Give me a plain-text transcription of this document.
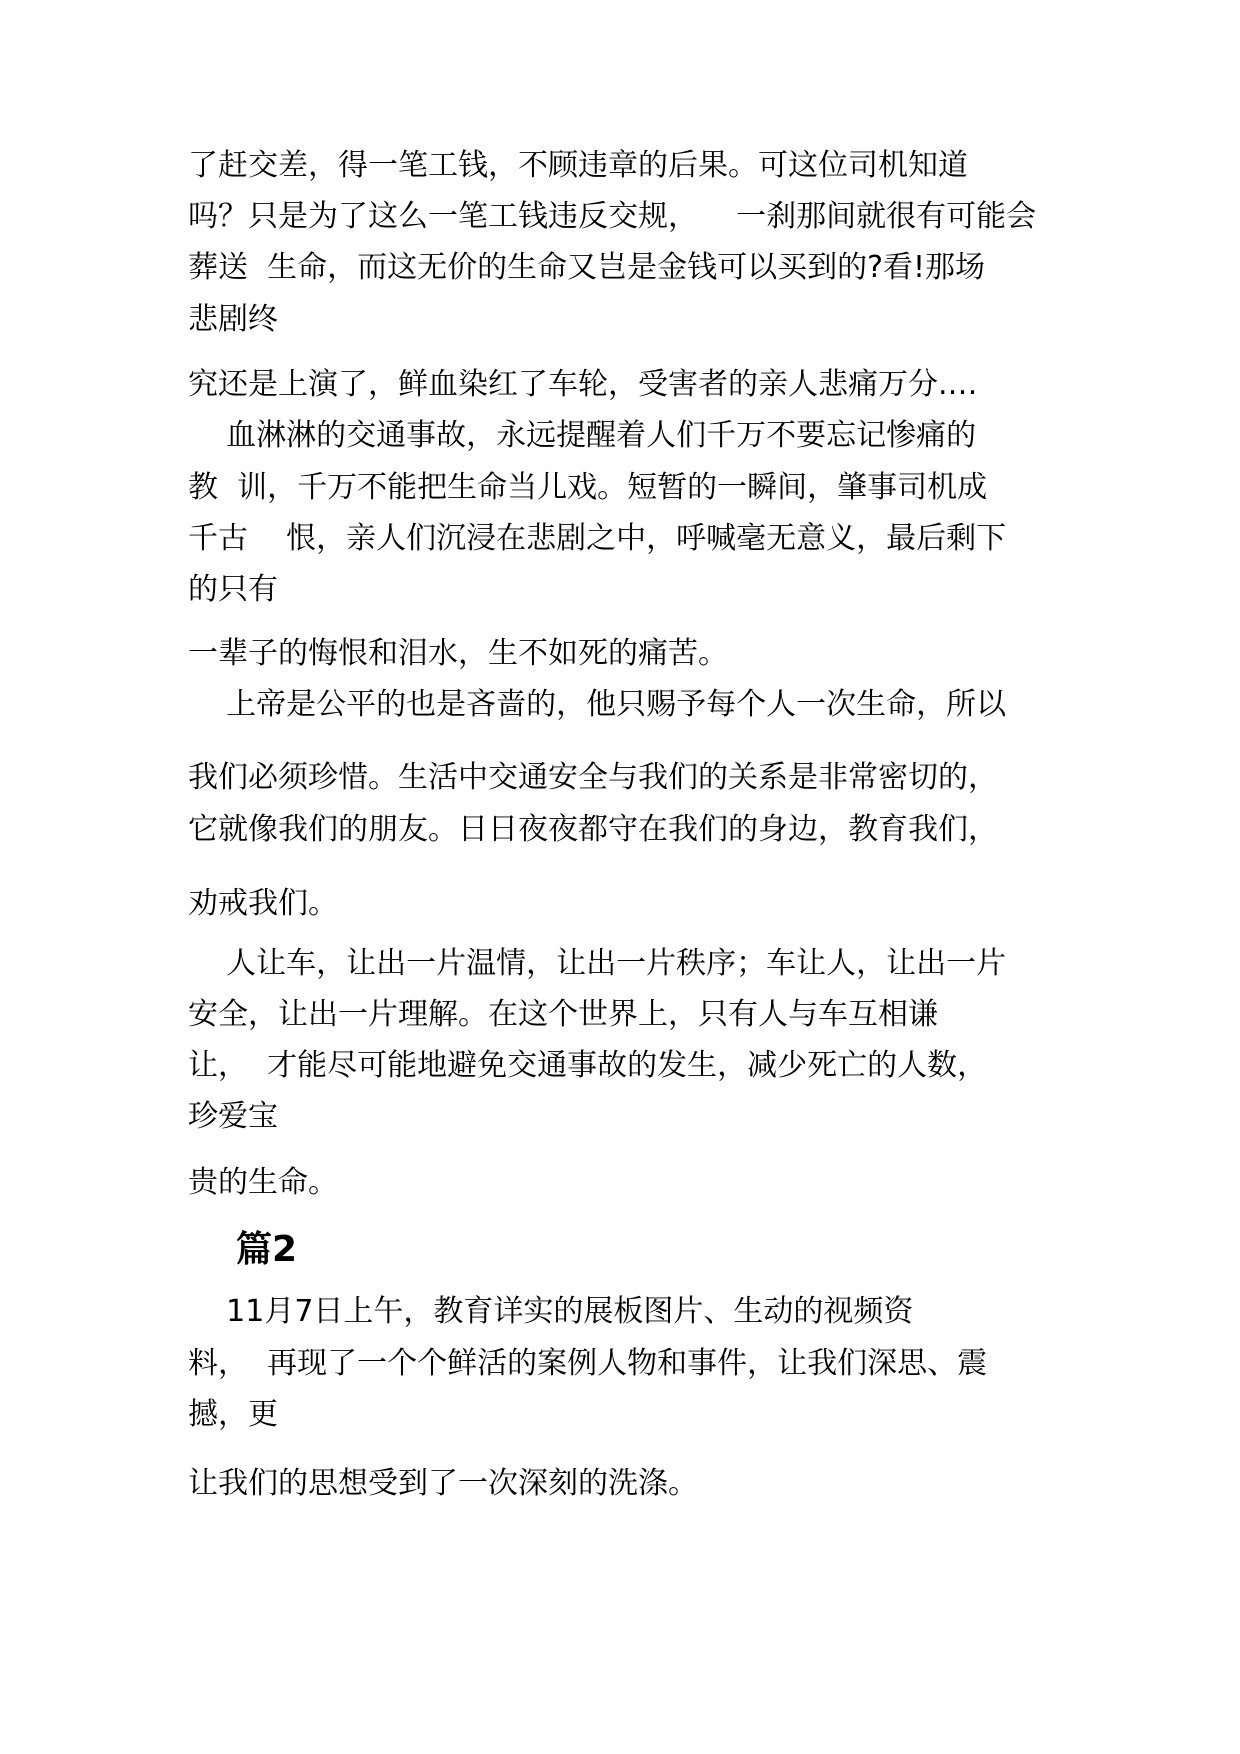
了赶交差，得一笔工钱，不顾违章的后果。可这位司机知道

吗？只是为了这么一笔工钱违反交规，    一刹那间就很有可能会

葬送  生命，而这无价的生命又岂是金钱可以买到的?看!那场

悲剧终

究还是上演了，鲜血染红了车轮，受害者的亲人悲痛万分.…

血淋淋的交通事故，永远提醒着人们千万不要忘记惨痛的

教  训，千万不能把生命当儿戏。短暂的一瞬间，肇事司机成

千古    恨，亲人们沉浸在悲剧之中，呼喊毫无意义，最后剩下

的只有

一辈子的悔恨和泪水，生不如死的痛苦。

上帝是公平的也是吝啬的，他只赐予每个人一次生命，所以

我们必须珍惜。生活中交通安全与我们的关系是非常密切的，

它就像我们的朋友。日日夜夜都守在我们的身边，教育我们，

劝戒我们。

人让车，让出一片温情，让出一片秩序；车让人，让出一片

安全，让出一片理解。在这个世界上，只有人与车互相谦

让，  才能尽可能地避免交通事故的发生，减少死亡的人数，

珍爱宝

贵的生命。

篇2

11月7日上午，教育详实的展板图片、生动的视频资

料，  再现了一个个鲜活的案例人物和事件，让我们深思、震

撼，更

让我们的思想受到了一次深刻的洗涤。
